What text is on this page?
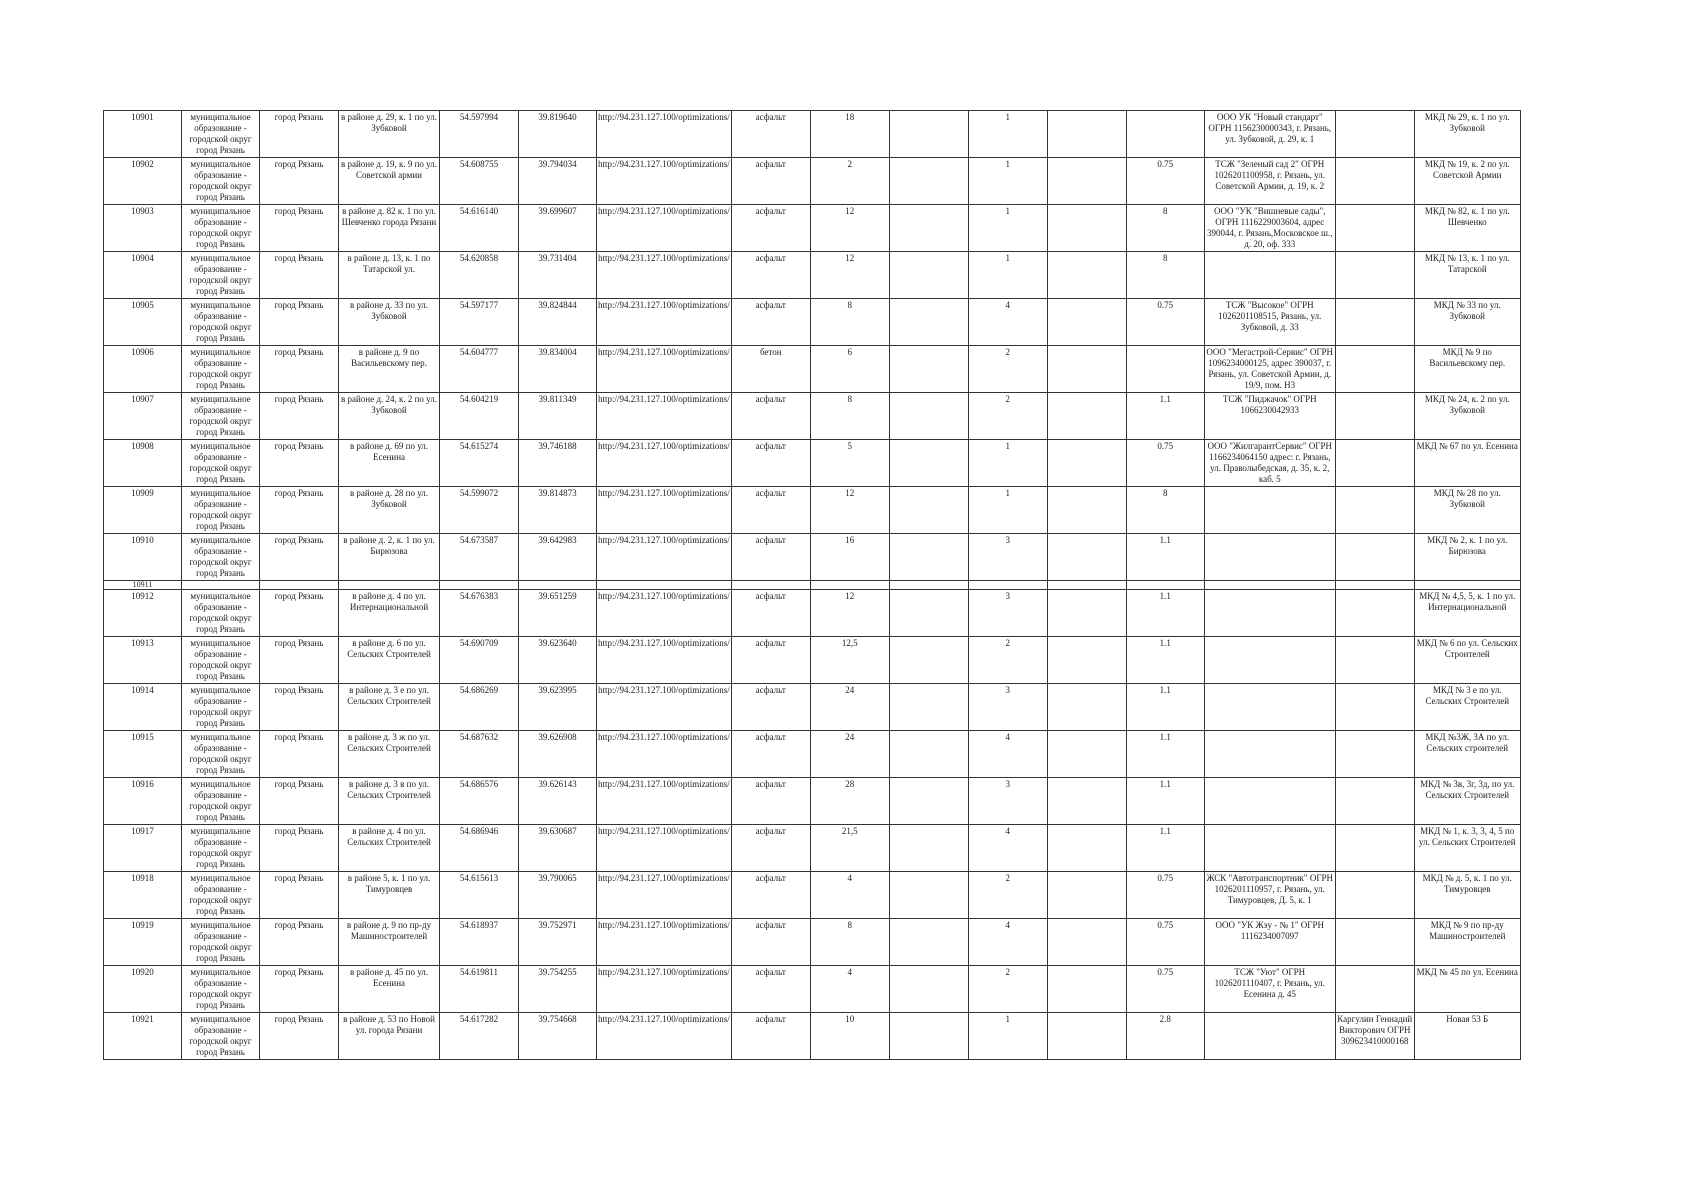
10901	муниципальное образование - городской округ город Рязань	город Рязань	в районе д. 29, к. 1 по ул. Зубковой	54.597994	39.819640	http://94.231.127.100/optimizations/	асфальт	18		1			ООО УК "Новый стандарт" ОГРН 1156230000343, г. Рязань, ул. Зубковой, д. 29, к. 1		МКД № 29, к. 1 по ул. Зубковой
10902	муниципальное образование - городской округ город Рязань	город Рязань	в районе д. 19, к. 9 по ул. Советской армии	54.608755	39.794034	http://94.231.127.100/optimizations/	асфальт	2		1		0.75	ТСЖ "Зеленый сад 2" ОГРН 1026201100958, г. Рязань, ул. Советской Армии, д. 19, к. 2		МКД № 19, к. 2 по ул. Советской Армии
10903	муниципальное образование - городской округ город Рязань	город Рязань	в районе д. 82 к. 1 по ул. Шевченко города Рязани	54.616140	39.699607	http://94.231.127.100/optimizations/	асфальт	12		1		8	ООО "УК "Вишневые сады", ОГРН 1116229003604, адрес 390044, г. Рязань,Московское ш., д. 20, оф. 333		МКД № 82, к. 1 по ул. Шевченко
10904	муниципальное образование - городской округ город Рязань	город Рязань	в районе д. 13, к. 1 по Татарской ул.	54.620858	39.731404	http://94.231.127.100/optimizations/	асфальт	12		1		8			МКД № 13, к. 1 по ул. Татарской
10905	муниципальное образование - городской округ город Рязань	город Рязань	в районе д. 33 по ул. Зубковой	54.597177	39.824844	http://94.231.127.100/optimizations/	асфальт	8		4		0.75	ТСЖ "Высокое" ОГРН 1026201108515, Рязань, ул. Зубковой, д. 33		МКД № 33 по ул. Зубковой
10906	муниципальное образование - городской округ город Рязань	город Рязань	в районе д. 9 по Васильевскому пер.	54.604777	39.834004	http://94.231.127.100/optimizations/	бетон	6		2			ООО "Мегастрой-Сервис" ОГРН 1096234000125, адрес 390037, г. Рязань, ул. Советской Армии, д. 19/9, пом. Н3		МКД № 9 по Васильевскому пер.
10907	муниципальное образование - городской округ город Рязань	город Рязань	в районе д. 24, к. 2 по ул. Зубковой	54.604219	39.811349	http://94.231.127.100/optimizations/	асфальт	8		2		1.1	ТСЖ "Пиджачок" ОГРН 1066230042933		МКД № 24, к. 2 по ул. Зубковой
10908	муниципальное образование - городской округ город Рязань	город Рязань	в районе д. 69 по ул. Есенина	54.615274	39.746188	http://94.231.127.100/optimizations/	асфальт	5		1		0.75	ООО "ЖилгарантСервис" ОГРН 1166234064150 адрес: г. Рязань, ул. Праволыбедская, д. 35, к. 2, каб. 5		МКД № 67 по ул. Есенина
10909	муниципальное образование - городской округ город Рязань	город Рязань	в районе д. 28 по ул. Зубковой	54.599072	39.814873	http://94.231.127.100/optimizations/	асфальт	12		1		8			МКД № 28 по ул. Зубковой
10910	муниципальное образование - городской округ город Рязань	город Рязань	в районе д. 2, к. 1 по ул. Бирюзова	54.673587	39.642983	http://94.231.127.100/optimizations/	асфальт	16		3		1.1			МКД № 2, к. 1 по ул. Бирюзова
10911															
10912	муниципальное образование - городской округ город Рязань	город Рязань	в районе д. 4 по ул. Интернациональной	54.676383	39.651259	http://94.231.127.100/optimizations/	асфальт	12		3		1.1			МКД № 4,5, 5, к. 1 по ул. Интернациональной
10913	муниципальное образование - городской округ город Рязань	город Рязань	в районе д. 6 по ул. Сельских Строителей	54.690709	39.623640	http://94.231.127.100/optimizations/	асфальт	12,5		2		1.1			МКД № 6 по ул. Сельских Строителей
10914	муниципальное образование - городской округ город Рязань	город Рязань	в районе д. 3 е по ул. Сельских Строителей	54.686269	39.623995	http://94.231.127.100/optimizations/	асфальт	24		3		1.1			МКД № 3 е по ул. Сельских Строителей
10915	муниципальное образование - городской округ город Рязань	город Рязань	в районе д. 3 ж по ул. Сельских Строителей	54.687632	39.626908	http://94.231.127.100/optimizations/	асфальт	24		4		1.1			МКД №3Ж, 3А по ул. Сельских строителей
10916	муниципальное образование - городской округ город Рязань	город Рязань	в районе д. 3 в по ул. Сельских Строителей	54.686576	39.626143	http://94.231.127.100/optimizations/	асфальт	28		3		1.1			МКД № 3в, 3г, 3д, по ул. Сельских Строителей
10917	муниципальное образование - городской округ город Рязань	город Рязань	в районе д. 4 по ул. Сельских Строителей	54.686946	39.630687	http://94.231.127.100/optimizations/	асфальт	21,5		4		1.1			МКД № 1, к. 3, 3, 4, 5 по ул. Сельских Строителей
10918	муниципальное образование - городской округ город Рязань	город Рязань	в районе 5, к. 1 по ул. Тимуровцев	54.615613	39.790065	http://94.231.127.100/optimizations/	асфальт	4		2		0.75	ЖСК "Автотранспортник" ОГРН 1026201110957, г. Рязань, ул. Тимуровцев, Д. 5, к. 1		МКД № д. 5, к. 1 по ул. Тимуровцев
10919	муниципальное образование - городской округ город Рязань	город Рязань	в районе д. 9 по пр-ду Машиностроителей	54.618937	39.752971	http://94.231.127.100/optimizations/	асфальт	8		4		0.75	ООО "УК Жэу - № 1" ОГРН 1116234007097		МКД № 9 по пр-ду Машиностроителей
10920	муниципальное образование - городской округ город Рязань	город Рязань	в районе д. 45 по ул. Есенина	54.619811	39.754255	http://94.231.127.100/optimizations/	асфальт	4		2		0.75	ТСЖ "Уют" ОГРН 1026201110407, г. Рязань, ул. Есенина д. 45		МКД № 45 по ул. Есенина
10921	муниципальное образование - городской округ город Рязань	город Рязань	в районе д. 53 по Новой ул. города Рязани	54.617282	39.754668	http://94.231.127.100/optimizations/	асфальт	10		1		2.8		Каргулин Геннадий Викторович ОГРН 309623410000168	Новая 53 Б
